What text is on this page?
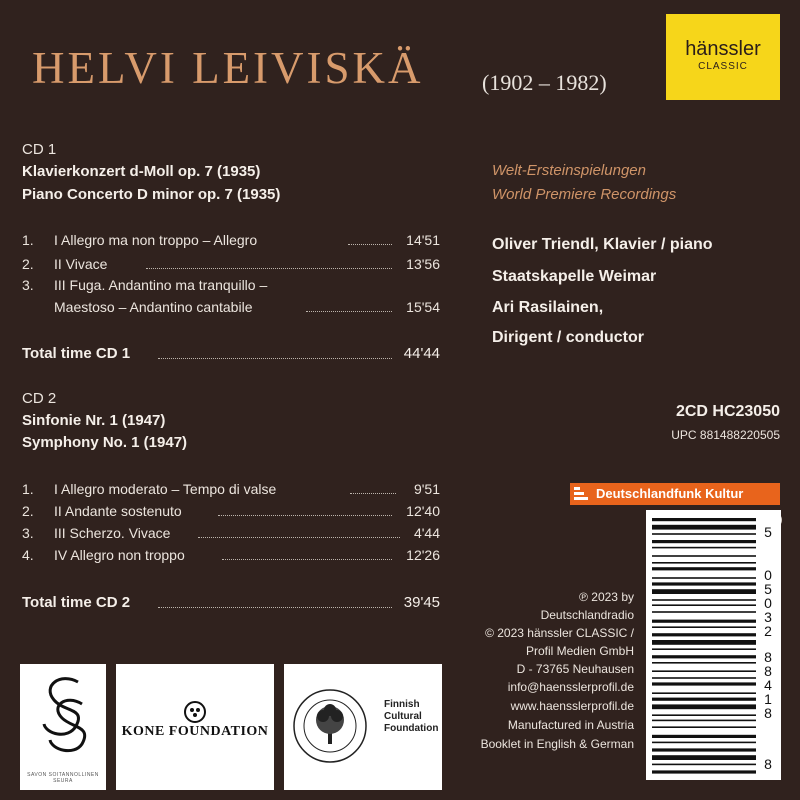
HELVI LEIVISKÄ	(1902 – 1982)
hänssler
CLASSIC
CD 1
Klavierkonzert d-Moll op. 7 (1935)
Piano Concerto D minor op. 7 (1935)
1. I Allegro ma non troppo – Allegro	14'51
2. II Vivace	13'56
3. III Fuga. Andantino ma tranquillo –
Maestoso – Andantino cantabile	15'54
Total time CD 1	44'44
CD 2
Sinfonie Nr. 1 (1947)
Symphony No. 1 (1947)
1. I Allegro moderato – Tempo di valse	9'51
2. II Andante sostenuto	12'40
3. III Scherzo. Vivace	4'44
4. IV Allegro non troppo	12'26
Total time CD 2	39'45
Welt-Ersteinspielungen
World Premiere Recordings
Oliver Triendl, Klavier / piano
Staatskapelle Weimar
Ari Rasilainen,
Dirigent / conductor
2CD HC23050
UPC 881488220505
Deutschlandfunk Kultur
8
8
8
4
1
8
0
5
0
3
2
5
℗ 2023 by
Deutschlandradio
© 2023 hänssler CLASSIC /
Profil Medien GmbH
D - 73765 Neuhausen
info@haensslerprofil.de
www.haensslerprofil.de
Manufactured in Austria
Booklet in English & German
SAVON SOITANNOLLINEN SEURA
KONE FOUNDATION
Finnish Cultural
Foundation
